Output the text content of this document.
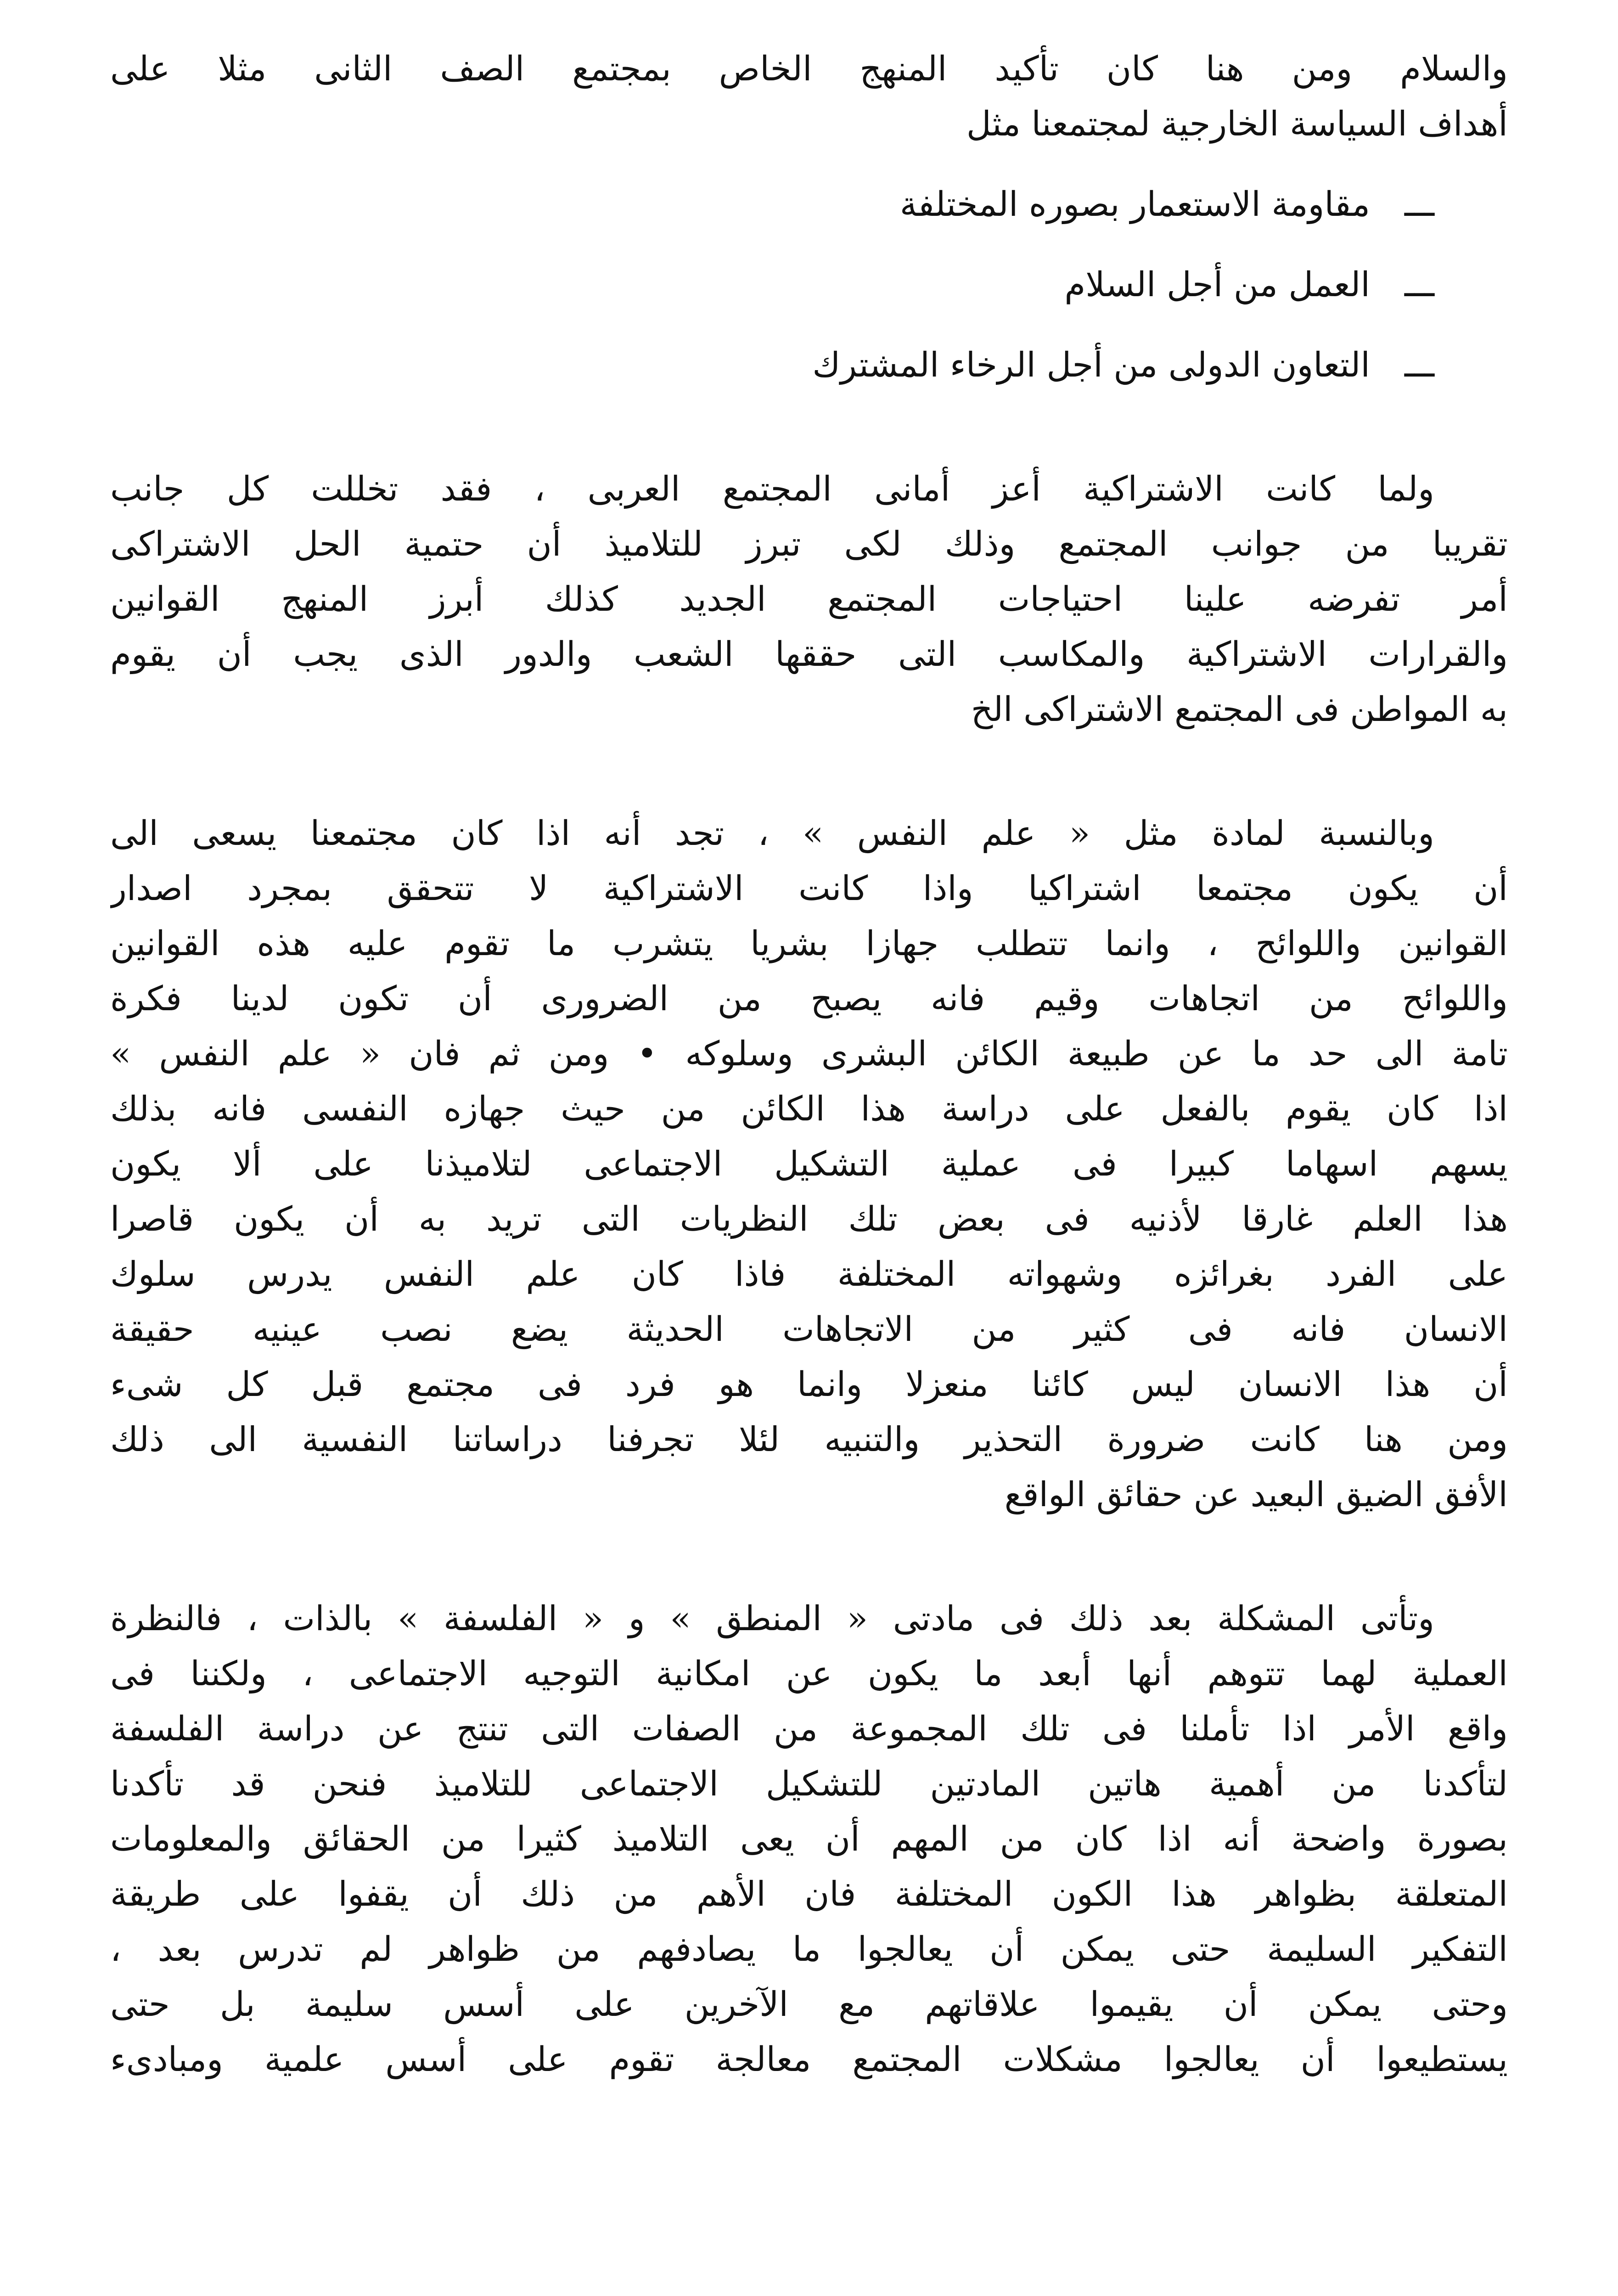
والسلام ومن هنا كان تأكيد المنهج الخاص بمجتمع الصف الثانى مثلا على
أهداف السياسة الخارجية لمجتمعنا مثل
ـــمقاومة الاستعمار بصوره المختلفة
ـــالعمل من أجل السلام
ـــالتعاون الدولى من أجل الرخاء المشترك
ولما كانت الاشتراكية أعز أمانى المجتمع العربى ، فقد تخللت كل جانب
تقريبا من جوانب المجتمع وذلك لكى تبرز للتلاميذ أن حتمية الحل الاشتراكى
أمر تفرضه علينا احتياجات المجتمع الجديد كذلك أبرز المنهج القوانين
والقرارات الاشتراكية والمكاسب التى حققها الشعب والدور الذى يجب أن يقوم
به المواطن فى المجتمع الاشتراكى الخ
وبالنسبة لمادة مثل « علم النفس » ، تجد أنه اذا كان مجتمعنا يسعى الى
أن يكون مجتمعا اشتراكيا واذا كانت الاشتراكية لا تتحقق بمجرد اصدار
القوانين واللوائح ، وانما تتطلب جهازا بشريا يتشرب ما تقوم عليه هذه القوانين
واللوائح من اتجاهات وقيم فانه يصبح من الضرورى أن تكون لدينا فكرة
تامة الى حد ما عن طبيعة الكائن البشرى وسلوكه • ومن ثم فان « علم النفس »
اذا كان يقوم بالفعل على دراسة هذا الكائن من حيث جهازه النفسى فانه بذلك
يسهم اسهاما كبيرا فى عملية التشكيل الاجتماعى لتلاميذنا على ألا يكون
هذا العلم غارقا لأذنيه فى بعض تلك النظريات التى تريد به أن يكون قاصرا
على الفرد بغرائزه وشهواته المختلفة فاذا كان علم النفس يدرس سلوك
الانسان فانه فى كثير من الاتجاهات الحديثة يضع نصب عينيه حقيقة
أن هذا الانسان ليس كائنا منعزلا وانما هو فرد فى مجتمع قبل كل شىء
ومن هنا كانت ضرورة التحذير والتنبيه لئلا تجرفنا دراساتنا النفسية الى ذلك
الأفق الضيق البعيد عن حقائق الواقع
وتأتى المشكلة بعد ذلك فى مادتى « المنطق » و « الفلسفة » بالذات ، فالنظرة
العملية لهما تتوهم أنها أبعد ما يكون عن امكانية التوجيه الاجتماعى ، ولكننا فى
واقع الأمر اذا تأملنا فى تلك المجموعة من الصفات التى تنتج عن دراسة الفلسفة
لتأكدنا من أهمية هاتين المادتين للتشكيل الاجتماعى للتلاميذ فنحن قد تأكدنا
بصورة واضحة أنه اذا كان من المهم أن يعى التلاميذ كثيرا من الحقائق والمعلومات
المتعلقة بظواهر هذا الكون المختلفة فان الأهم من ذلك أن يقفوا على طريقة
التفكير السليمة حتى يمكن أن يعالجوا ما يصادفهم من ظواهر لم تدرس بعد ،
وحتى يمكن أن يقيموا علاقاتهم مع الآخرين على أسس سليمة بل حتى
يستطيعوا أن يعالجوا مشكلات المجتمع معالجة تقوم على أسس علمية ومبادىء
